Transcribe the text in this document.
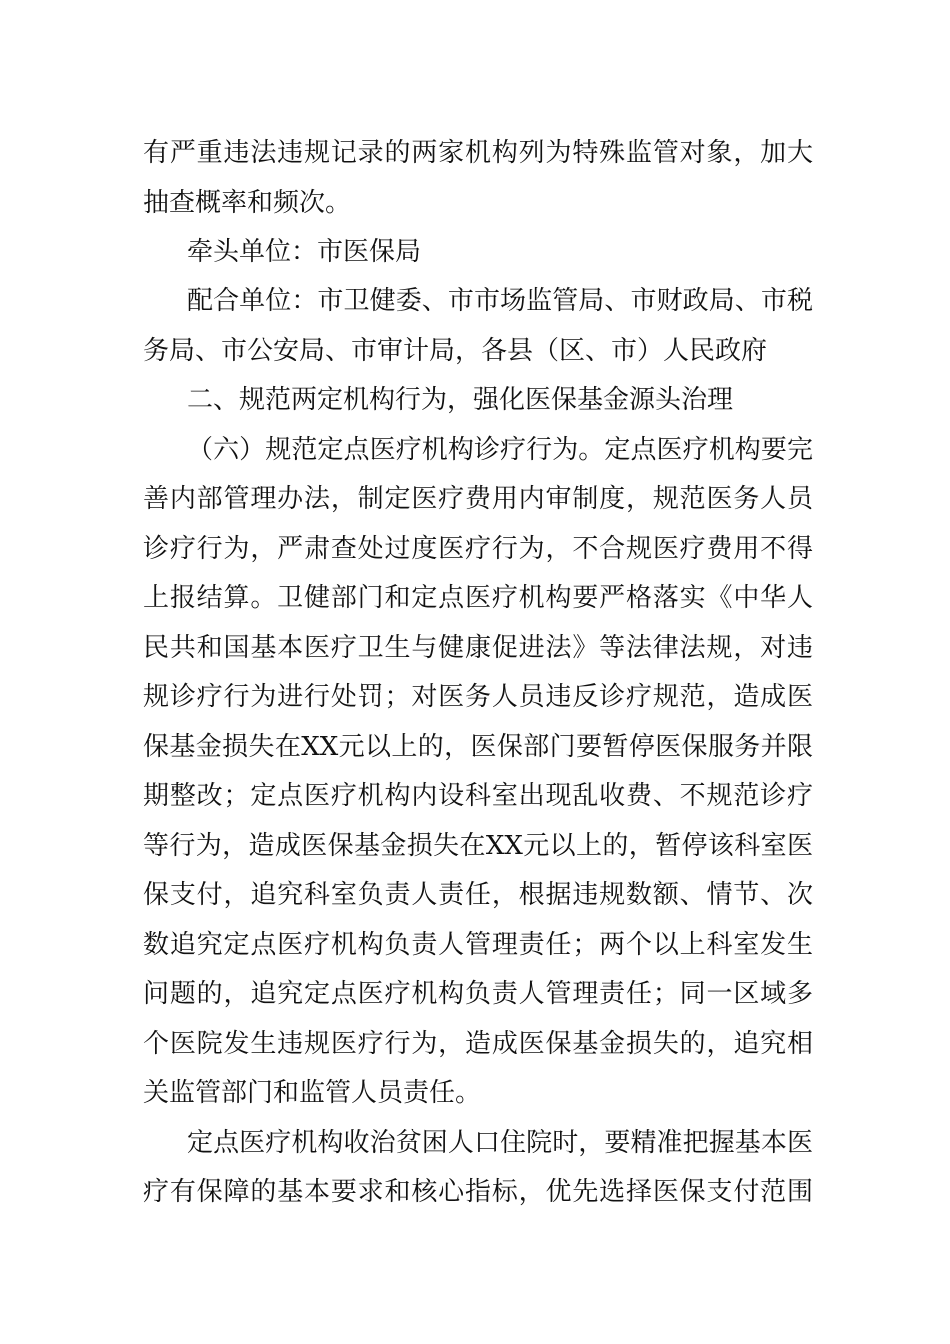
有严重违法违规记录的两家机构列为特殊监管对象，加大
抽查概率和频次。
牵头单位：市医保局
配合单位：市卫健委、市市场监管局、市财政局、市税
务局、市公安局、市审计局，各县（区、市）人民政府
二、规范两定机构行为，强化医保基金源头治理
（六）规范定点医疗机构诊疗行为。定点医疗机构要完
善内部管理办法，制定医疗费用内审制度，规范医务人员
诊疗行为，严肃查处过度医疗行为，不合规医疗费用不得
上报结算。卫健部门和定点医疗机构要严格落实《中华人
民共和国基本医疗卫生与健康促进法》等法律法规，对违
规诊疗行为进行处罚；对医务人员违反诊疗规范，造成医
保基金损失在XX元以上的，医保部门要暂停医保服务并限
期整改；定点医疗机构内设科室出现乱收费、不规范诊疗
等行为，造成医保基金损失在XX元以上的，暂停该科室医
保支付，追究科室负责人责任，根据违规数额、情节、次
数追究定点医疗机构负责人管理责任；两个以上科室发生
问题的，追究定点医疗机构负责人管理责任；同一区域多
个医院发生违规医疗行为，造成医保基金损失的，追究相
关监管部门和监管人员责任。
定点医疗机构收治贫困人口住院时，要精准把握基本医
疗有保障的基本要求和核心指标，优先选择医保支付范围
